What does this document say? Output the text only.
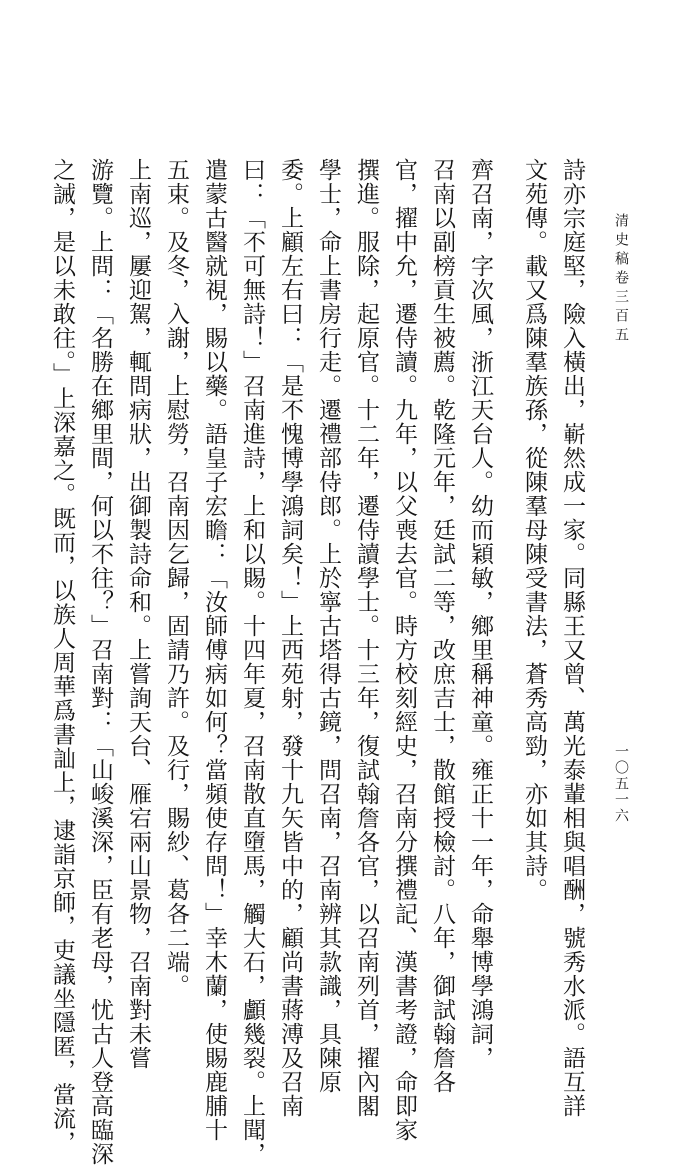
清史稿卷三百五
一〇五一六
詩亦宗庭堅，險入橫出，嶄然成一家。同縣王又曾、萬光泰輩相與唱酬，號秀水派。語互詳
文苑傳。載又爲陳羣族孫，從陳羣母陳受書法，蒼秀高勁，亦如其詩。
齊召南，字次風，浙江天台人。幼而穎敏，鄉里稱神童。雍正十一年，命舉博學鴻詞，
召南以副榜貢生被薦。乾隆元年，廷試二等，改庶吉士，散館授檢討。八年，御試翰詹各
官，擢中允，遷侍讀。九年，以父喪去官。時方校刻經史，召南分撰禮記、漢書考證，命即家
撰進。服除，起原官。十二年，遷侍讀學士。十三年，復試翰詹各官，以召南列首，擢內閣
學士，命上書房行走。遷禮部侍郎。上於寧古塔得古鏡，問召南，召南辨其款識，具陳原
委。上顧左右曰：「是不愧博學鴻詞矣！」上西苑射，發十九矢皆中的，顧尚書蔣溥及召南
曰：「不可無詩！」召南進詩，上和以賜。十四年夏，召南散直墮馬，觸大石，顱幾裂。上聞，
遣蒙古醫就視，賜以藥。語皇子宏瞻：「汝師傅病如何？當頻使存問！」幸木蘭，使賜鹿脯十
五束。及冬，入謝，上慰勞，召南因乞歸，固請乃許。及行，賜紗、葛各二端。
上南巡，屢迎駕，輒問病狀，出御製詩命和。上嘗詢天台、雁宕兩山景物，召南對未嘗
游覽。上問：「名勝在鄉里間，何以不往？」召南對：「山峻溪深，臣有老母，忧古人登高臨深
之誡，是以未敢往。」上深嘉之。既而，以族人周華爲書訕上，逮詣京師，吏議坐隱匿，當流，
